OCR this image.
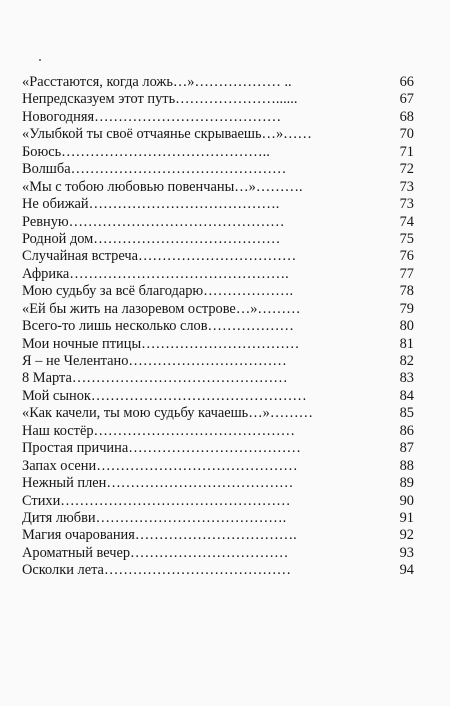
«Расстаются, когда ложь…»……………… ..	66
Непредсказуем этот путь…………………......	67
Новогодняя…………………………………	68
«Улыбкой ты своё отчаянье скрываешь…»……	70
Боюсь……………………………………..	71
Волшба………………………………………	72
«Мы с тобою любовью повенчаны…»……….	73
Не обижай………………………………….	73
Ревную………………………………………	74
Родной дом…………………………………	75
Случайная встреча……………………………	76
Африка……………………………………….	77
Мою судьбу за всё благодарю……………….	78
«Ей бы жить на лазоревом острове…»………	79
Всего-то лишь несколько слов………………	80
Мои ночные птицы……………………………	81
Я – не Челентано……………………………	82
8 Марта………………………………………	83
Мой сынок………………………………………	84
«Как качели, ты мою судьбу качаешь…»………	85
Наш костёр……………………………………	86
Простая причина………………………………	87
Запах осени……………………………………	88
Нежный плен…………………………………	89
Стихи…………………………………………	90
Дитя любви………………………………….	91
Магия очарования…………………………….	92
Ароматный вечер……………………………	93
Осколки лета…………………………………	94
